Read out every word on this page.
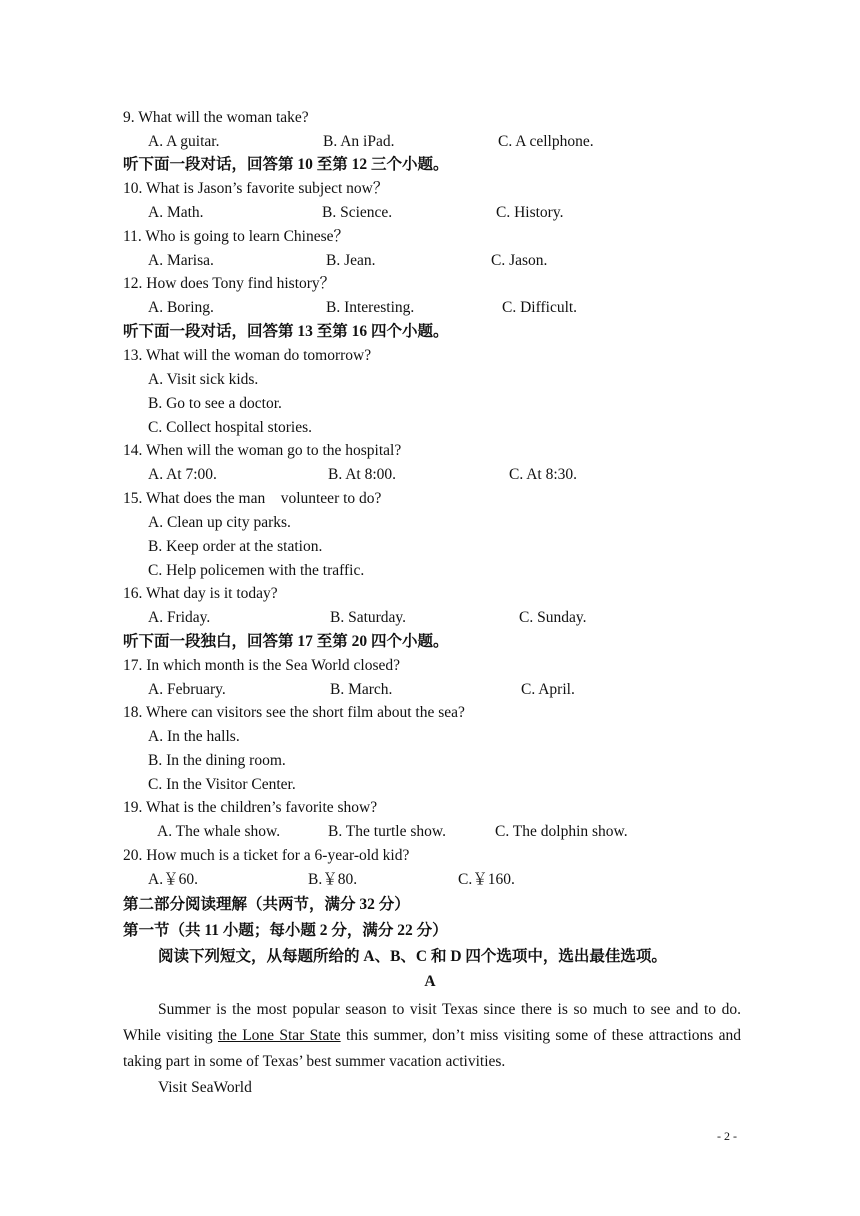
9. What will the woman take?
A. A guitar.	B. An iPad.	C. A cellphone.
听下面一段对话，回答第 10 至第 12 三个小题。
10. What is Jason’s favorite subject now？
A. Math.	B. Science.	C. History.
11. Who is going to learn Chinese？
A. Marisa.	B. Jean.	C. Jason.
12. How does Tony find history？
A. Boring.	B. Interesting.	C. Difficult.
听下面一段对话，回答第 13 至第 16 四个小题。
13. What will the woman do tomorrow?
A. Visit sick kids.
B. Go to see a doctor.
C. Collect hospital stories.
14. When will the woman go to the hospital?
A. At 7:00.	B. At 8:00.	C. At 8:30.
15. What does the man    volunteer to do?
A. Clean up city parks.
B. Keep order at the station.
C. Help policemen with the traffic.
16. What day is it today?
A. Friday.	B. Saturday.	C. Sunday.
听下面一段独白，回答第 17 至第 20 四个小题。
17. In which month is the Sea World closed?
A. February.	B. March.	C. April.
18. Where can visitors see the short film about the sea?
A. In the halls.
B. In the dining room.
C. In the Visitor Center.
19. What is the children’s favorite show?
A. The whale show.	B. The turtle show.	C. The dolphin show.
20. How much is a ticket for a 6-year-old kid?
A.￥60.	B.￥80.	C.￥160.
第二部分阅读理解（共两节，满分 32 分）
第一节（共 11 小题；每小题 2 分，满分 22 分）
阅读下列短文，从每题所给的 A、B、C 和 D 四个选项中，选出最佳选项。
A
Summer is the most popular season to visit Texas since there is so much to see and to do. While visiting the Lone Star State this summer, don’t miss visiting some of these attractions and taking part in some of Texas’ best summer vacation activities.
Visit SeaWorld
- 2 -
